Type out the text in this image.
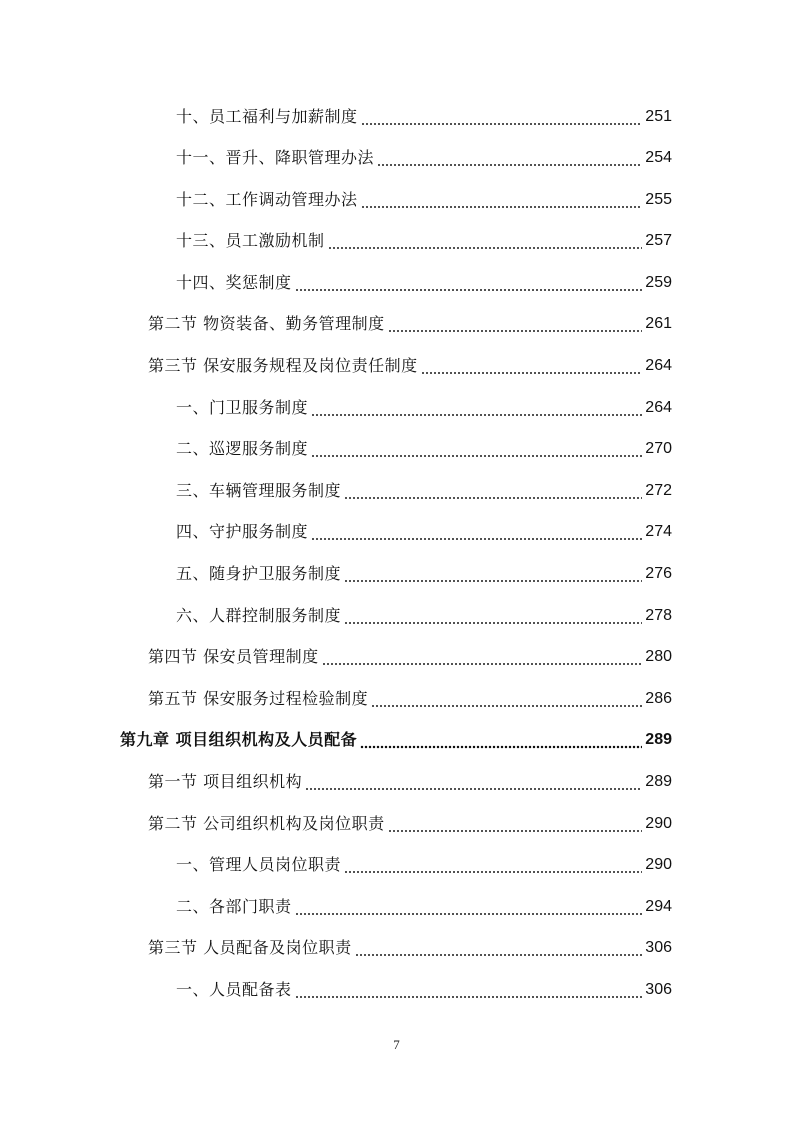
十、员工福利与加薪制度	251
十一、晋升、降职管理办法	254
十二、工作调动管理办法	255
十三、员工激励机制	257
十四、奖惩制度	259
第二节 物资装备、勤务管理制度	261
第三节 保安服务规程及岗位责任制度	264
一、门卫服务制度	264
二、巡逻服务制度	270
三、车辆管理服务制度	272
四、守护服务制度	274
五、随身护卫服务制度	276
六、人群控制服务制度	278
第四节 保安员管理制度	280
第五节 保安服务过程检验制度	286
第九章 项目组织机构及人员配备	289
第一节 项目组织机构	289
第二节 公司组织机构及岗位职责	290
一、管理人员岗位职责	290
二、各部门职责	294
第三节 人员配备及岗位职责	306
一、人员配备表	306
7
